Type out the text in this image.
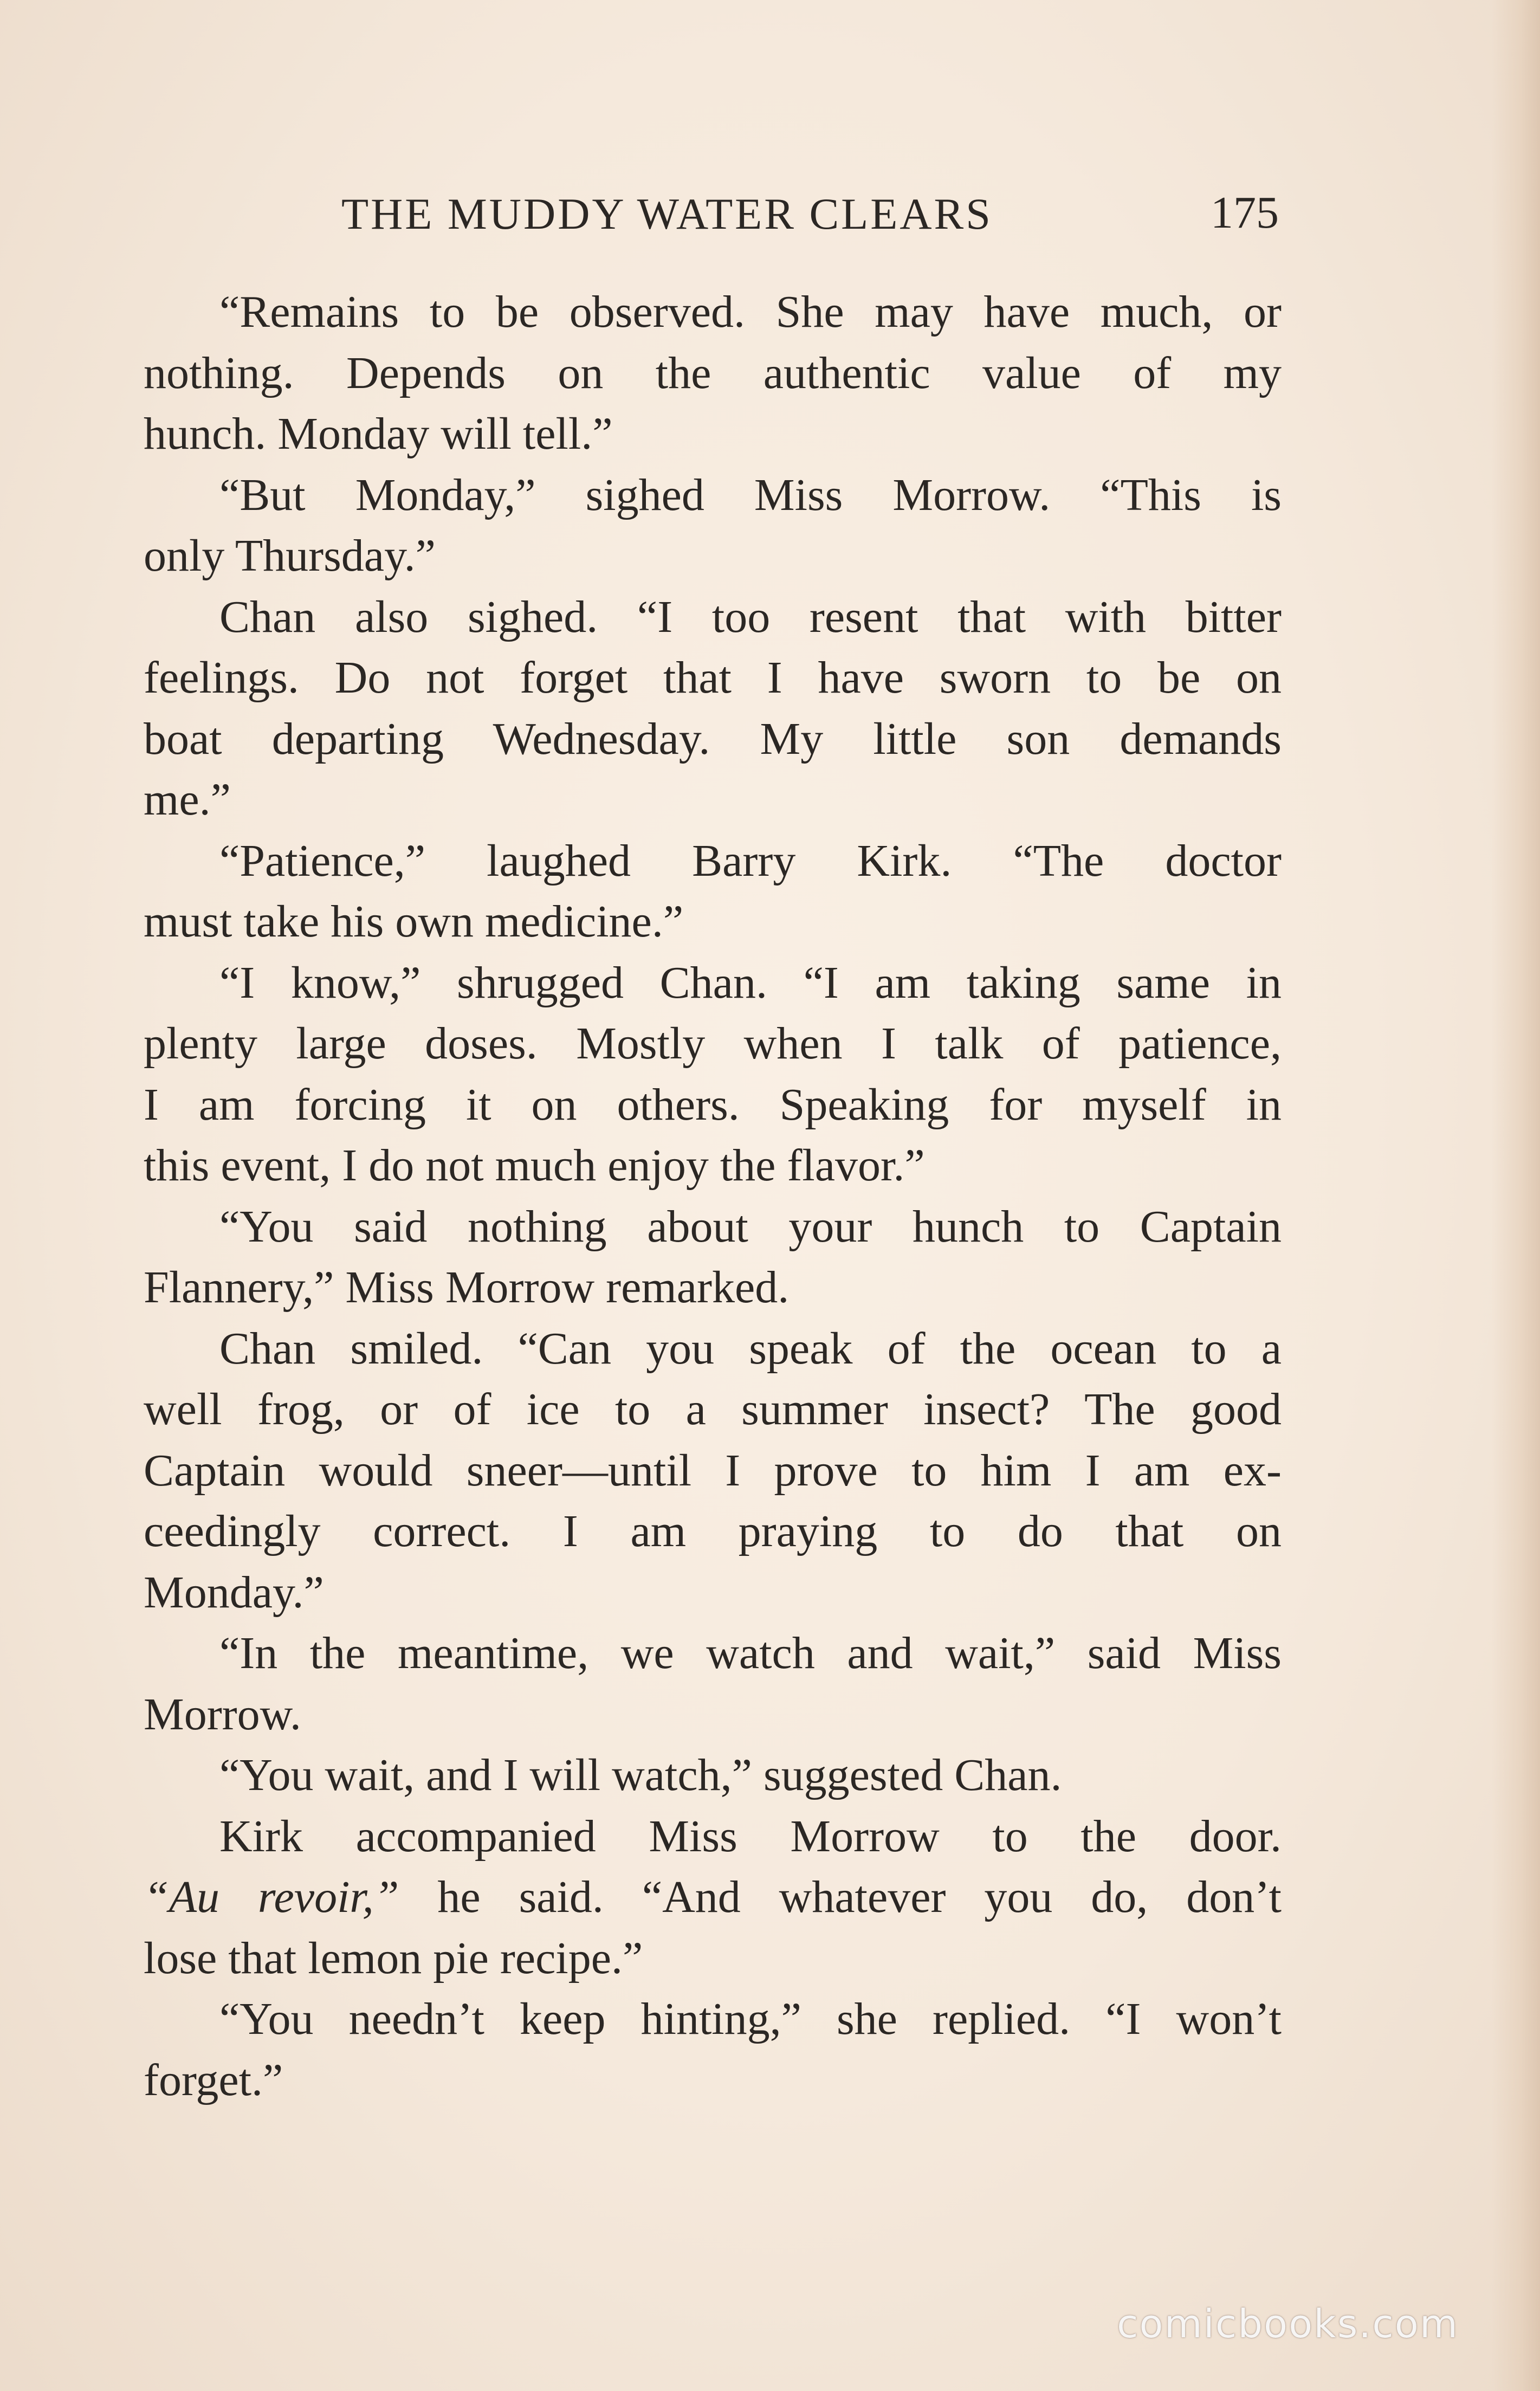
THE MUDDY WATER CLEARS	175
“Remains to be observed. She may have much, or
nothing. Depends on the authentic value of my
hunch. Monday will tell.”
“But Monday,” sighed Miss Morrow. “This is
only Thursday.”
Chan also sighed. “I too resent that with bitter
feelings. Do not forget that I have sworn to be on
boat departing Wednesday. My little son demands
me.”
“Patience,” laughed Barry Kirk. “The doctor
must take his own medicine.”
“I know,” shrugged Chan. “I am taking same in
plenty large doses. Mostly when I talk of patience,
I am forcing it on others. Speaking for myself in
this event, I do not much enjoy the flavor.”
“You said nothing about your hunch to Captain
Flannery,” Miss Morrow remarked.
Chan smiled. “Can you speak of the ocean to a
well frog, or of ice to a summer insect? The good
Captain would sneer—until I prove to him I am ex-
ceedingly correct. I am praying to do that on
Monday.”
“In the meantime, we watch and wait,” said Miss
Morrow.
“You wait, and I will watch,” suggested Chan.
Kirk accompanied Miss Morrow to the door.
“Au revoir,” he said. “And whatever you do, don’t
lose that lemon pie recipe.”
“You needn’t keep hinting,” she replied. “I won’t
forget.”
comicbooks.com
